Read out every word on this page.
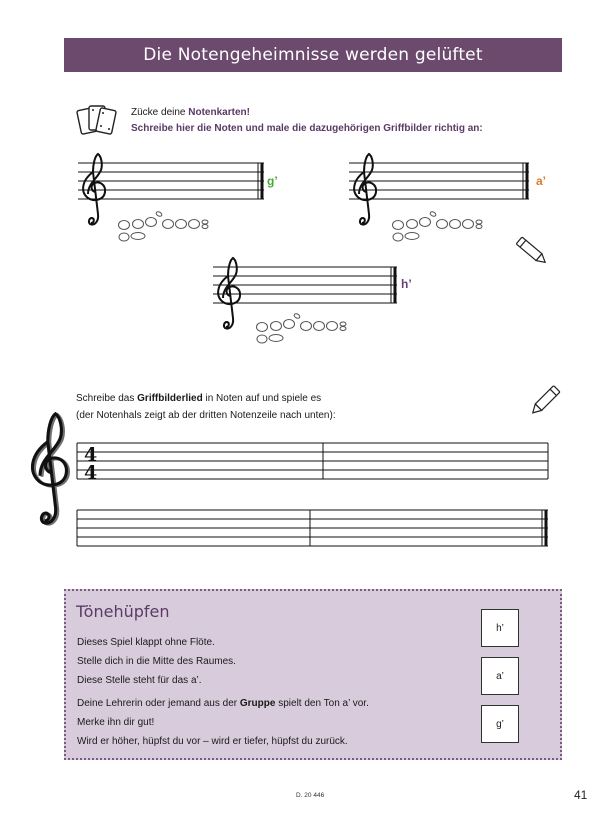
Die Notengeheimnisse werden gelüftet
Zücke deine Notenkarten!
Schreibe hier die Noten und male die dazugehörigen Griffbilder richtig an:
4
4
g’	a’
h’
Schreibe das Griffbilderlied in Noten auf und spiele es
(der Notenhals zeigt ab der dritten Notenzeile nach unten):
Tönehüpfen
Dieses Spiel klappt ohne Flöte.
Stelle dich in die Mitte des Raumes.
Diese Stelle steht für das a’.
Deine Lehrerin oder jemand aus der Gruppe spielt den Ton a’ vor.
Merke ihn dir gut!
Wird er höher, hüpfst du vor – wird er tiefer, hüpfst du zurück.
h’
a’
g’
D. 20 446	41
